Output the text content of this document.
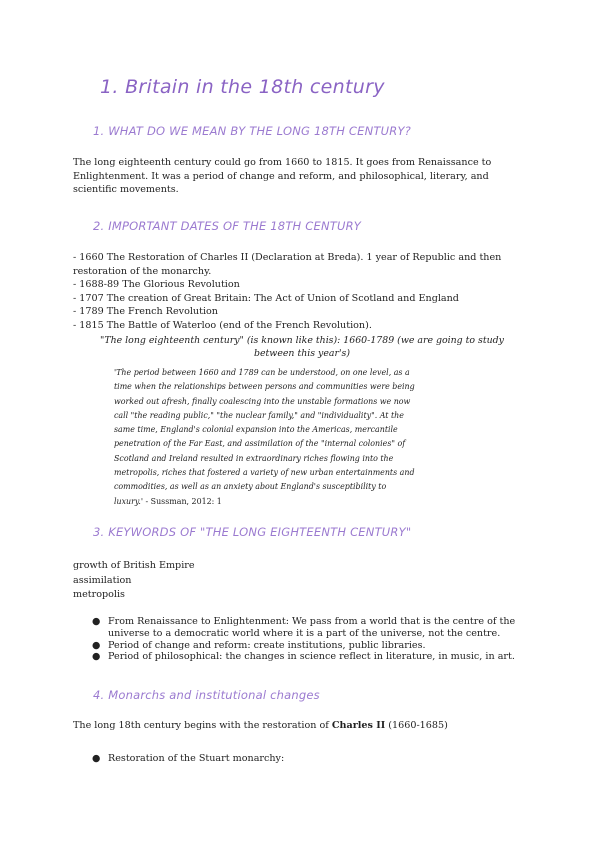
1. Britain in the 18th century
1. WHAT DO WE MEAN BY THE LONG 18TH CENTURY?
The long eighteenth century could go from 1660 to 1815. It goes from Renaissance to
Enlightenment. It was a period of change and reform, and philosophical, literary, and
scientific movements.
2. IMPORTANT DATES OF THE 18TH CENTURY
- 1660 The Restoration of Charles II (Declaration at Breda). 1 year of Republic and then restoration of the monarchy.
- 1688-89 The Glorious Revolution
- 1707 The creation of Great Britain: The Act of Union of Scotland and England
- 1789 The French Revolution
- 1815 The Battle of Waterloo (end of the French Revolution).
"The long eighteenth century" (is known like this): 1660-1789 (we are going to study
between this year's)
'The period between 1660 and 1789 can be understood, on one level, as a
time when the relationships between persons and communities were being
worked out afresh, finally coalescing into the unstable formations we now
call "the reading public," "the nuclear family," and "individuality". At the
same time, England's colonial expansion into the Americas, mercantile
penetration of the Far East, and assimilation of the "internal colonies" of
Scotland and Ireland resulted in extraordinary riches flowing into the
metropolis, riches that fostered a variety of new urban entertainments and
commodities, as well as an anxiety about England's susceptibility to
luxury.' - Sussman, 2012: 1
3. KEYWORDS OF "THE LONG EIGHTEENTH CENTURY"
growth of British Empire
assimilation
metropolis
● From Renaissance to Enlightenment: We pass from a world that is the centre of the universe to a democratic world where it is a part of the universe, not the centre.
● Period of change and reform: create institutions, public libraries.
● Period of philosophical: the changes in science reflect in literature, in music, in art.
4. Monarchs and institutional changes
The long 18th century begins with the restoration of Charles II (1660-1685)
● Restoration of the Stuart monarchy:
